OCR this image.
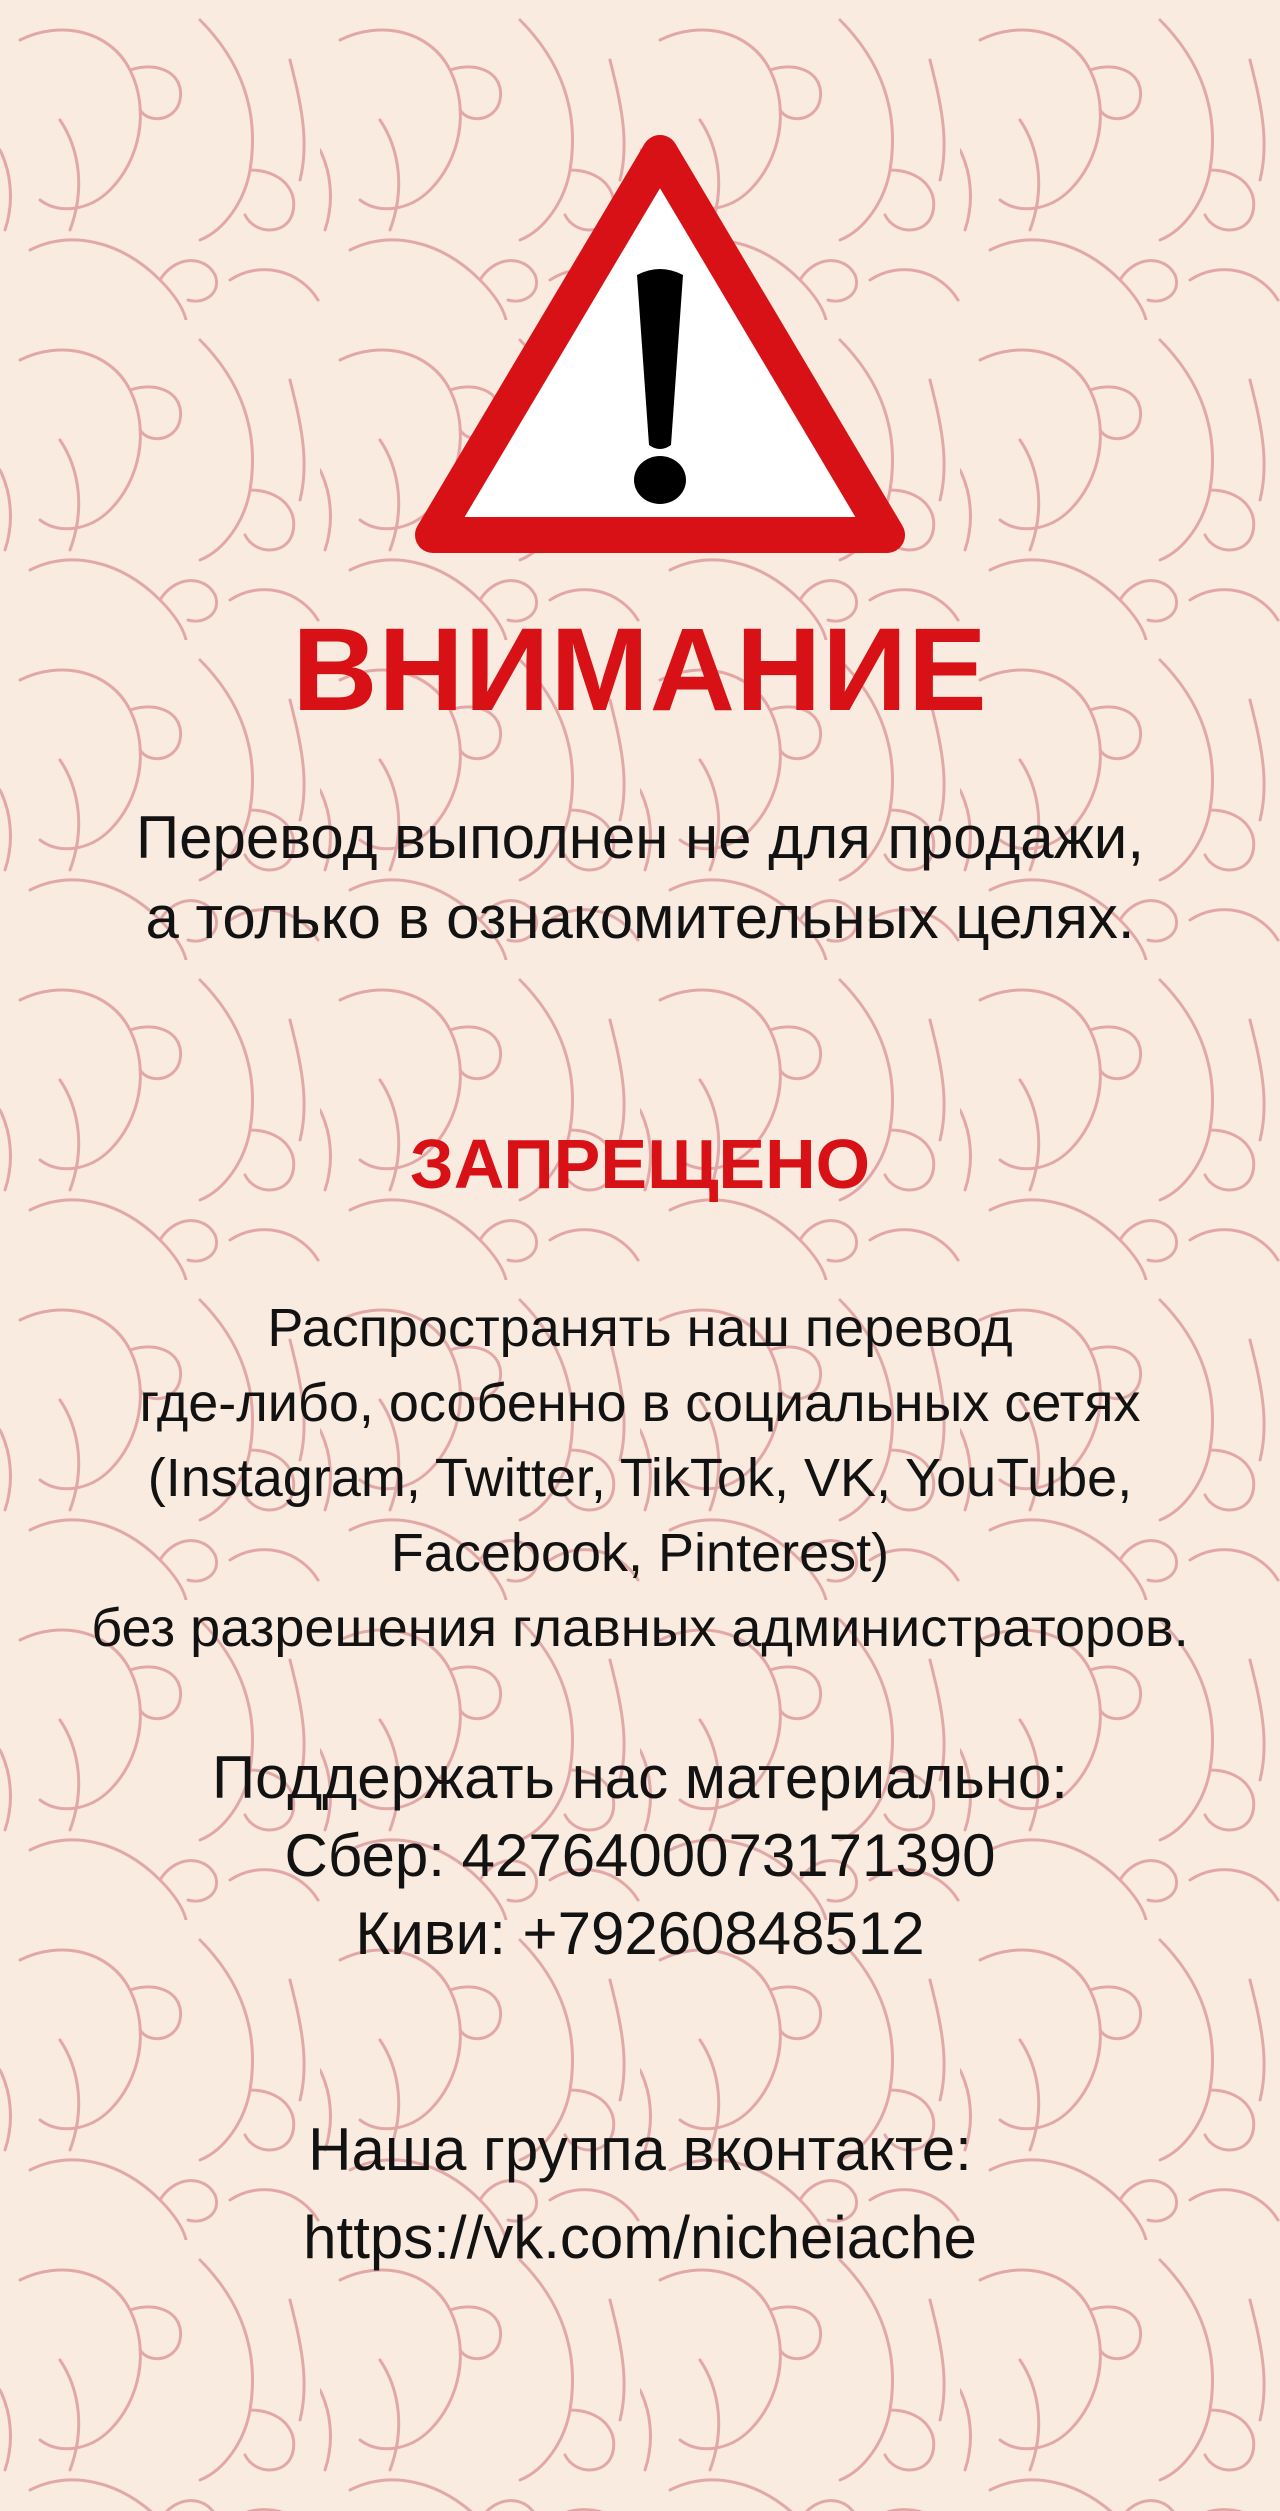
ВНИМАНИЕ
Перевод выполнен не для продажи,
а только в ознакомительных целях.
ЗАПРЕЩЕНО
Распространять наш перевод
где-либо, особенно в социальных сетях
(Instagram, Twitter, TikTok, VK, YouTube,
Facebook, Pinterest)
без разрешения главных администраторов.
Поддержать нас материально:
Сбер: 4276400073171390
Киви: +79260848512
Наша группа вконтакте:
https://vk.com/nicheiache
